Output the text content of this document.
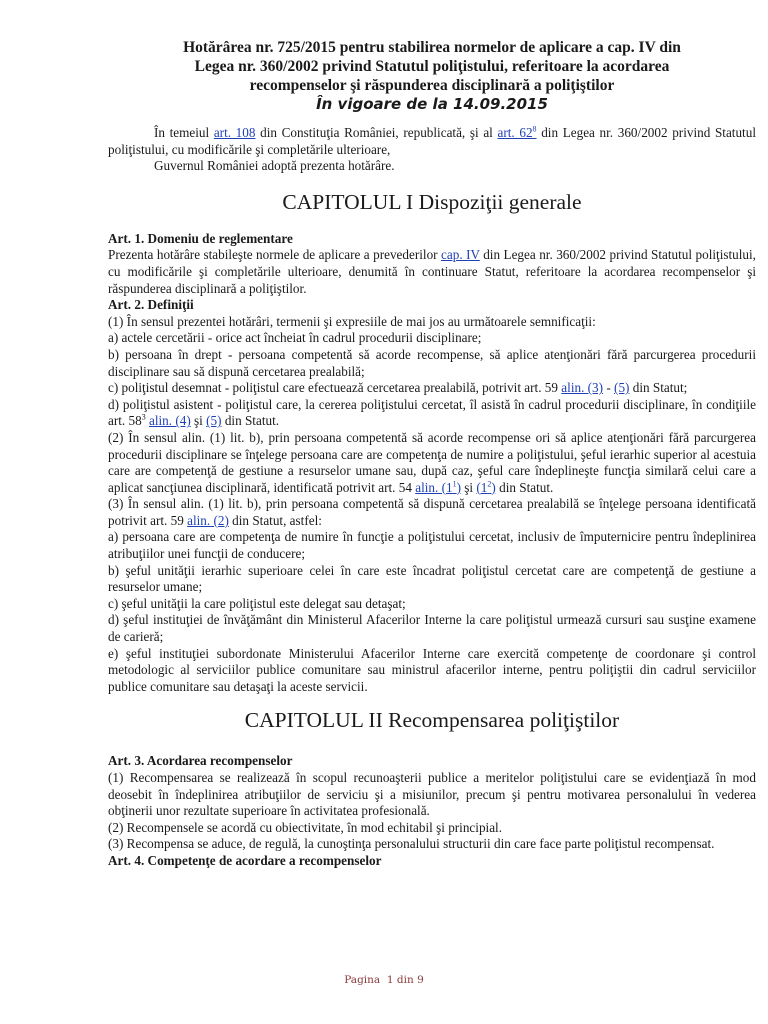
Hotărârea nr. 725/2015 pentru stabilirea normelor de aplicare a cap. IV din

Legea nr. 360/2002 privind Statutul poliţistului, referitoare la acordarea

recompenselor şi răspunderea disciplinară a poliţiştilor

În vigoare de la 14.09.2015

În temeiul art. 108 din Constituţia României, republicată, şi al art. $62^8$ din Legea nr. 360/2002 privind Statutul poliţistului, cu modificările şi completările ulterioare,

Guvernul României adoptă prezenta hotărâre.

CAPITOLUL I Dispoziţii generale

Art. 1. Domeniu de reglementare

Prezenta hotărâre stabileşte normele de aplicare a prevederilor cap. IV din Legea nr. 360/2002 privind Statutul poliţistului, cu modificările şi completările ulterioare, denumită în continuare Statut, referitoare la acordarea recompenselor şi răspunderea disciplinară a poliţiştilor.

Art. 2. Definiţii

(1) În sensul prezentei hotărâri, termenii şi expresiile de mai jos au următoarele semnificaţii:

a) actele cercetării - orice act încheiat în cadrul procedurii disciplinare;

b) persoana în drept - persoana competentă să acorde recompense, să aplice atenţionări fără parcurgerea procedurii disciplinare sau să dispună cercetarea prealabilă;

c) poliţistul desemnat - poliţistul care efectuează cercetarea prealabilă, potrivit art. 59 alin. (3) - (5) din Statut;

d) poliţistul asistent - poliţistul care, la cererea poliţistului cercetat, îl asistă în cadrul procedurii disciplinare, în condiţiile art. $58^3$ alin. (4) şi (5) din Statut.

(2) În sensul alin. (1) lit. b), prin persoana competentă să acorde recompense ori să aplice atenţionări fără parcurgerea procedurii disciplinare se înţelege persoana care are competenţa de numire a poliţistului, şeful ierarhic superior al acestuia care are competenţă de gestiune a resurselor umane sau, după caz, şeful care îndeplineşte funcţia similară celui care a aplicat sancţiunea disciplinară, identificată potrivit art. 54 alin. $(1^1)$ şi $(1^2)$ din Statut.

(3) În sensul alin. (1) lit. b), prin persoana competentă să dispună cercetarea prealabilă se înţelege persoana identificată potrivit art. 59 alin. (2) din Statut, astfel:

a) persoana care are competenţa de numire în funcţie a poliţistului cercetat, inclusiv de împuternicire pentru îndeplinirea atribuţiilor unei funcţii de conducere;

b) şeful unităţii ierarhic superioare celei în care este încadrat poliţistul cercetat care are competenţă de gestiune a resurselor umane;

c) şeful unităţii la care poliţistul este delegat sau detaşat;

d) şeful instituţiei de învăţământ din Ministerul Afacerilor Interne la care poliţistul urmează cursuri sau susţine examene de carieră;

e) şeful instituţiei subordonate Ministerului Afacerilor Interne care exercită competenţe de coordonare şi control metodologic al serviciilor publice comunitare sau ministrul afacerilor interne, pentru poliţiştii din cadrul serviciilor publice comunitare sau detaşaţi la aceste servicii.

CAPITOLUL II Recompensarea poliţiştilor

Art. 3. Acordarea recompenselor

(1) Recompensarea se realizează în scopul recunoaşterii publice a meritelor poliţistului care se evidenţiază în mod deosebit în îndeplinirea atribuţiilor de serviciu şi a misiunilor, precum şi pentru motivarea personalului în vederea obţinerii unor rezultate superioare în activitatea profesională.

(2) Recompensele se acordă cu obiectivitate, în mod echitabil şi principial.

(3) Recompensa se aduce, de regulă, la cunoştinţa personalului structurii din care face parte poliţistul recompensat.

Art. 4. Competenţe de acordare a recompenselor

Pagina 1 din 9
